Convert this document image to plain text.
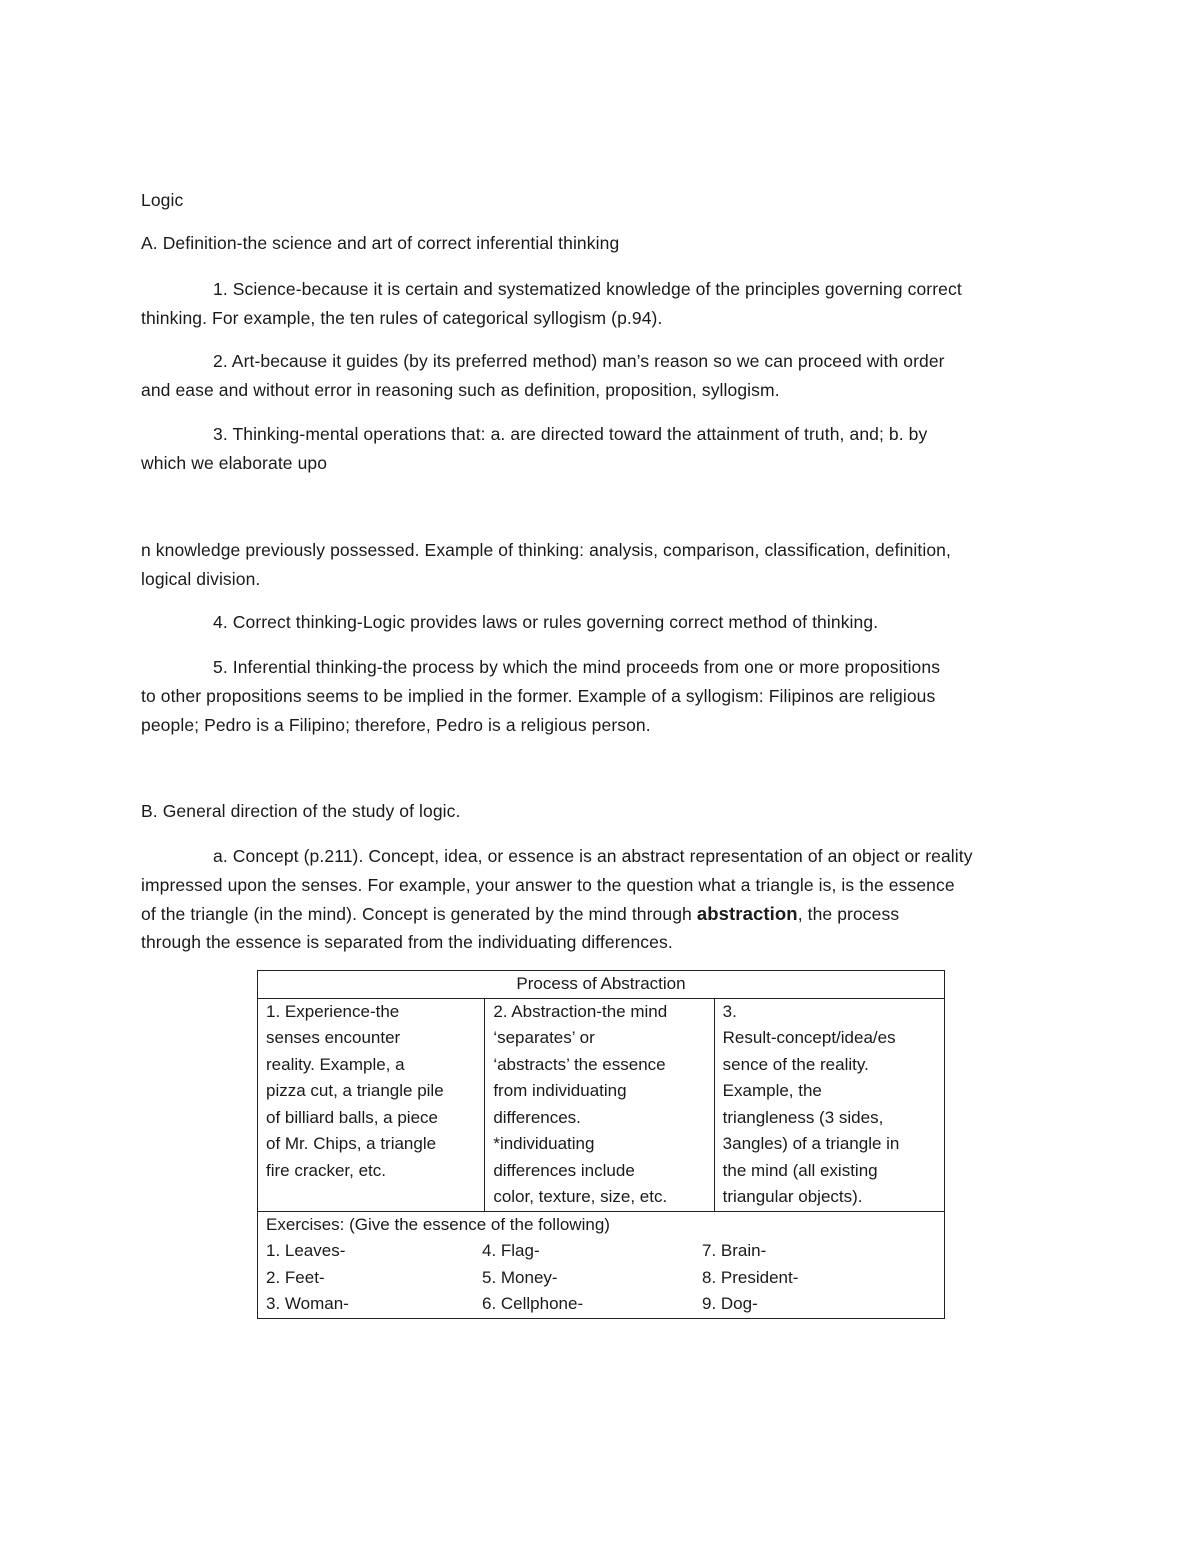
Logic
A. Definition-the science and art of correct inferential thinking
1. Science-because it is certain and systematized knowledge of the principles governing correct
thinking. For example, the ten rules of categorical syllogism (p.94).
2. Art-because it guides (by its preferred method) man’s reason so we can proceed with order
and ease and without error in reasoning such as definition, proposition, syllogism.
3. Thinking-mental operations that: a. are directed toward the attainment of truth, and; b. by
which we elaborate upo
n knowledge previously possessed. Example of thinking: analysis, comparison, classification, definition,
logical division.
4. Correct thinking-Logic provides laws or rules governing correct method of thinking.
5. Inferential thinking-the process by which the mind proceeds from one or more propositions
to other propositions seems to be implied in the former. Example of a syllogism: Filipinos are religious
people; Pedro is a Filipino; therefore, Pedro is a religious person.
B. General direction of the study of logic.
a. Concept (p.211). Concept, idea, or essence is an abstract representation of an object or reality
impressed upon the senses. For example, your answer to the question what a triangle is, is the essence
of the triangle (in the mind). Concept is generated by the mind through abstraction, the process
through the essence is separated from the individuating differences.
Process of Abstraction

1. Experience-the
senses encounter
reality. Example, a
pizza cut, a triangle pile
of billiard balls, a piece
of Mr. Chips, a triangle
fire cracker, etc.

2. Abstraction-the mind
‘separates’ or
‘abstracts’ the essence
from individuating
differences.
*individuating
differences include
color, texture, size, etc.

3.
Result-concept/idea/es
sence of the reality.
Example, the
triangleness (3 sides,
3angles) of a triangle in
the mind (all existing
triangular objects).

Exercises: (Give the essence of the following)
1. Leaves-	4. Flag-	7. Brain-
2. Feet-	5. Money-	8. President-
3. Woman-	6. Cellphone-	9. Dog-
